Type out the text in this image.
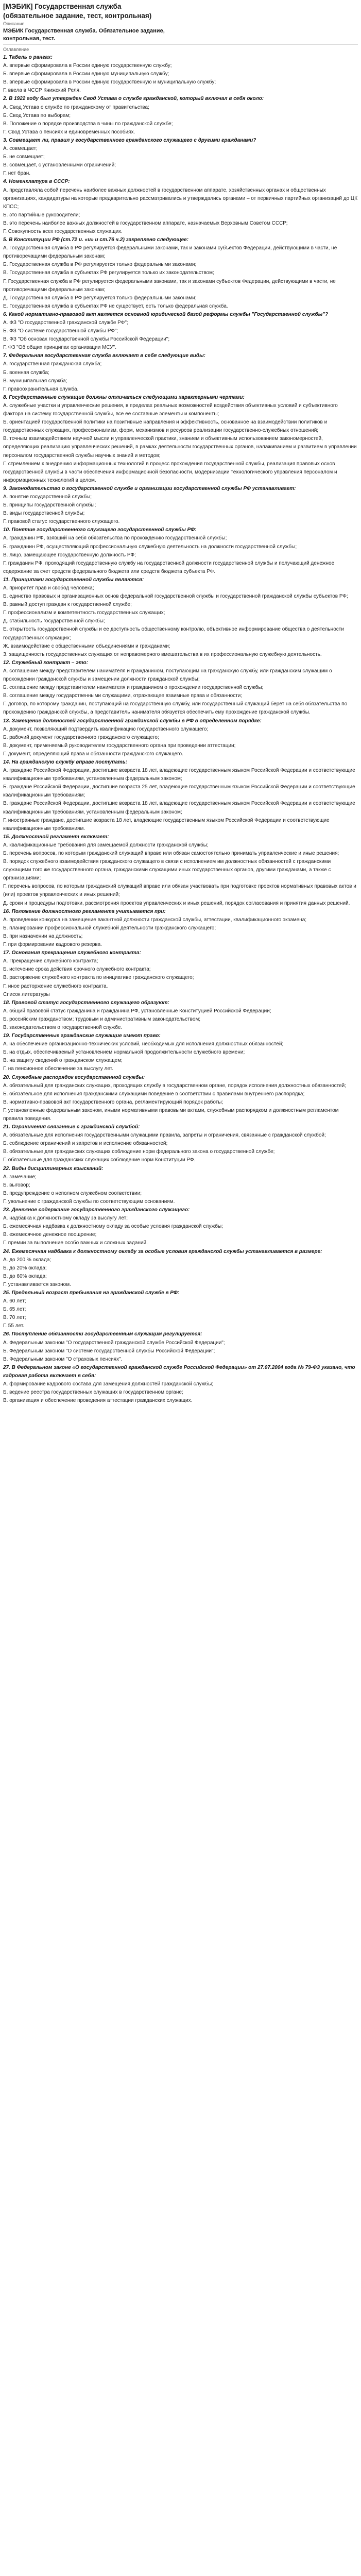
[МЭБИК] Государственная служба (обязательное задание, тест, контрольная)
Описание
МЭБИК Государственная служба. Обязательное задание, контрольная, тест.
Оглавление
1. Табель о рангах:
А. впервые сформировала в России единую государственную службу;
Б. впервые сформировала в России единую муниципальную службу;
В. впервые сформировала в России единую государственную и муниципальную службу;
Г. ввела в ЧССР Книжский Реля.
2. В 1922 году был утвержден Свод Устава о службе гражданской, который включал в себя около:
А. Свод Устава о службе по гражданскому от правительства;
Б. Свод Устава по выборам;
В. Положение о порядке производства в чины по гражданской службе;
Г. Свод Устава о пенсиях и единовременных пособиях.
3. Совмещает ли, правил у государственного гражданского служащего с другими гражданами?
А. совмещает;
Б. не совмещает;
В. совмещает, с установленными ограничений;
Г. нет бран.
4. Номенклатура в СССР:
А. представляла собой перечень наиболее важных должностей в государственном аппарате, хозяйственных органах и общественных организациях, кандидатуры на которые предварительно рассматривались и утверждались органами – от первичных партийных организаций до ЦК КПСС;
Б. это партийные руководители;
В. это перечень наиболее важных должностей в государственном аппарате, назначаемых Верховным Советом СССР;
Г. Совокупность всех государственных служащих.
5. В Конституции РФ (ст.72 и. «и» и ст.76 ч.2) закреплено следующее:
А. Государственная служба в РФ регулируется федеральными законами, так и законами субъектов Федерации, действующими в части, не противоречащими федеральным законам;
Б. Государственная служба в РФ регулируется только федеральными законами;
В. Государственная служба в субъектах РФ регулируется только их законодательством;
Г. Государственная служба в РФ регулируется федеральными законами, так и законами субъектов Федерации, действующими в части, не противоречащими федеральным законам;
Д. Государственная служба в РФ регулируется только федеральными законами;
Е. Государственная служба в субъектах РФ не существует, есть только федеральная служба.
6. Какой нормативно-правовой акт является основной юридической базой реформы службы "Государственной службы"?
А. ФЗ "О государственной гражданской службе РФ";
Б. ФЗ "О системе государственной службы РФ";
В. ФЗ "Об основах государственной службы Российской Федерации";
Г. ФЗ "Об общих принципах организации МСУ".
7. Федеральная государственная служба включает в себя следующие виды:
А. государственная гражданская служба;
Б. военная служба;
В. муниципальная служба;
Г. правоохранительная служба.
8. Государственные служащие должны отличаться следующими характерными чертами:
А. служебные участки и управленческие решения, в пределах реальных возможностей воздействия объективных условий и субъективного фактора на систему государственной службы, все ее составные элементы и компоненты;
Б. ориентацией государственной политики на позитивные направления и эффективность, основанное на взаимодействии политиков и государственных служащих, профессионализм, форм, механизмов и ресурсов реализации государственно-служебных отношений;
В. точным взаимодействием научной мысли и управленческой практики, знанием и объективным использованием закономерностей, определяющих реализацию управленческих решений, в рамках деятельности государственных органов, налаживанием и развитием в управлении персоналом государственной службы научных знаний и методов;
Г. стремлением к внедрению информационных технологий в процесс прохождения государственной службы, реализация правовых основ государственной службы в части обеспечения информационной безопасности, модернизации технологического управления персоналом и информационных технологий в целом.
9. Законодательство о государственной службе и организации государственной службы РФ устанавливает:
А. понятие государственной службы;
Б. принципы государственной службы;
В. виды государственной службы;
Г. правовой статус государственного служащего.
10. Понятие государственного служащего государственной службы РФ:
А. гражданин РФ, взявший на себя обязательства по прохождению государственной службы;
Б. гражданин РФ, осуществляющий профессиональную служебную деятельность на должности государственной службы;
В. лицо, замещающее государственную должность РФ;
Г. гражданин РФ, проходящий государственную службу на государственной должности государственной службы и получающий денежное содержание за счет средств федерального бюджета или средств бюджета субъекта РФ.
11. Принципами государственной службы являются:
А. приоритет прав и свобод человека;
Б. единство правовых и организационных основ федеральной государственной службы и государственной гражданской службы субъектов РФ;
В. равный доступ граждан к государственной службе;
Г. профессионализм и компетентность государственных служащих;
Д. стабильность государственной службы;
Е. открытость государственной службы и ее доступность общественному контролю, объективное информирование общества о деятельности государственных служащих;
Ж. взаимодействие с общественными объединениями и гражданами;
З. защищенность государственных служащих от неправомерного вмешательства в их профессиональную служебную деятельность.
12. Служебный контракт – это:
А. соглашение между представителем нанимателя и гражданином, поступающим на гражданскую службу, или гражданским служащим о прохождении гражданской службы и замещении должности гражданской службы;
Б. соглашение между представителем нанимателя и гражданином о прохождении государственной службы;
В. соглашение между государственными служащими, отражающее взаимные права и обязанности;
Г. договор, по которому гражданин, поступающий на государственную службу, или государственный служащий берет на себя обязательства по прохождению гражданской службы, а представитель нанимателя обязуется обеспечить ему прохождение гражданской службы.
13. Замещение должностей государственной гражданской службы в РФ в определенном порядке:
А. документ, позволяющий подтвердить квалификацию государственного служащего;
Б. рабочий документ государственного гражданского служащего;
В. документ, применяемый руководителем государственного органа при проведении аттестации;
Г. документ, определяющий права и обязанности гражданского служащего.
14. На гражданскую службу вправе поступать:
А. граждане Российской Федерации, достигшие возраста 18 лет, владеющие государственным языком Российской Федерации и соответствующие квалификационным требованиям, установленным федеральным законом;
Б. граждане Российской Федерации, достигшие возраста 25 лет, владеющие государственным языком Российской Федерации и соответствующие квалификационным требованиям;
В. граждане Российской Федерации, достигшие возраста 18 лет, владеющие государственным языком Российской Федерации и соответствующие квалификационным требованиям, установленным федеральным законом;
Г. иностранные граждане, достигшие возраста 18 лет, владеющие государственным языком Российской Федерации и соответствующие квалификационным требованиям.
15. Должностной регламент включает:
А. квалификационные требования для замещаемой должности гражданской службы;
Б. перечень вопросов, по которым гражданский служащий вправе или обязан самостоятельно принимать управленческие и иные решения;
В. порядок служебного взаимодействия гражданского служащего в связи с исполнением им должностных обязанностей с гражданскими служащими того же государственного органа, гражданскими служащими иных государственных органов, другими гражданами, а также с организациями;
Г. перечень вопросов, по которым гражданский служащий вправе или обязан участвовать при подготовке проектов нормативных правовых актов и (или) проектов управленческих и иных решений;
Д. сроки и процедуры подготовки, рассмотрения проектов управленческих и иных решений, порядок согласования и принятия данных решений.
16. Положение должностного регламента учитывается при:
А. проведении конкурса на замещение вакантной должности гражданской службы, аттестации, квалификационного экзамена;
Б. планировании профессиональной служебной деятельности гражданского служащего;
В. при назначении на должность;
Г. при формировании кадрового резерва.
17. Основания прекращения служебного контракта:
А. Прекращение служебного контракта;
Б. истечение срока действия срочного служебного контракта;
В. расторжение служебного контракта по инициативе гражданского служащего;
Г. иное расторжение служебного контракта.
Список литературы
18. Правовой статус государственного служащего образуют:
А. общий правовой статус гражданина и гражданина РФ, установленные Конституцией Российской Федерации;
Б. российским гражданством; трудовым и административным законодательством;
В. законодательством о государственной службе.
19. Государственные гражданские служащие имеют право:
А. на обеспечение организационно-технических условий, необходимых для исполнения должностных обязанностей;
Б. на отдых, обеспечиваемый установлением нормальной продолжительности служебного времени;
В. на защиту сведений о гражданском служащем;
Г. на пенсионное обеспечение за выслугу лет.
20. Служебные распорядок государственной службы:
А. обязательный для гражданских служащих, проходящих службу в государственном органе, порядок исполнения должностных обязанностей;
Б. обязательное для исполнения гражданскими служащими поведение в соответствии с правилами внутреннего распорядка;
В. нормативно-правовой акт государственного органа, регламентирующий порядок работы;
Г. установленные федеральным законом, иными нормативными правовыми актами, служебным распорядком и должностным регламентом правила поведения.
21. Ограничения связанные с гражданской службой:
А. обязательные для исполнения государственными служащими правила, запреты и ограничения, связанные с гражданской службой;
Б. соблюдение ограничений и запретов и исполнение обязанностей;
В. обязательные для гражданских служащих соблюдение норм федерального закона о государственной службе;
Г. обязательные для гражданских служащих соблюдение норм Конституции РФ.
22. Виды дисциплинарных взысканий:
А. замечание;
Б. выговор;
В. предупреждение о неполном служебном соответствии;
Г. увольнение с гражданской службы по соответствующим основаниям.
23. Денежное содержание государственного гражданского служащего:
А. надбавка к должностному окладу за выслугу лет;
Б. ежемесячная надбавка к должностному окладу за особые условия гражданской службы;
В. ежемесячное денежное поощрение;
Г. премии за выполнение особо важных и сложных заданий.
24. Ежемесячная надбавка к должностному окладу за особые условия гражданской службы устанавливается в размере:
А. до 200 % оклада;
Б. до 20% оклада;
В. до 60% оклада;
Г. устанавливается законом.
25. Предельный возраст пребывания на гражданской службе в РФ:
А. 60 лет;
Б. 65 лет;
В. 70 лет;
Г. 55 лет.
26. Поступление обязанности государственным служащим регулируется:
А. Федеральным законом "О государственной гражданской службе Российской Федерации";
Б. Федеральным законом "О системе государственной службы Российской Федерации";
В. Федеральным законом "О страховых пенсиях".
27. В Федеральном законе «О государственной гражданской службе Российской Федерации» от 27.07.2004 года № 79-ФЗ указано, что кадровая работа включает в себя:
А. формирование кадрового состава для замещения должностей гражданской службы;
Б. ведение реестра государственных служащих в государственном органе;
В. организация и обеспечение проведения аттестации гражданских служащих.
